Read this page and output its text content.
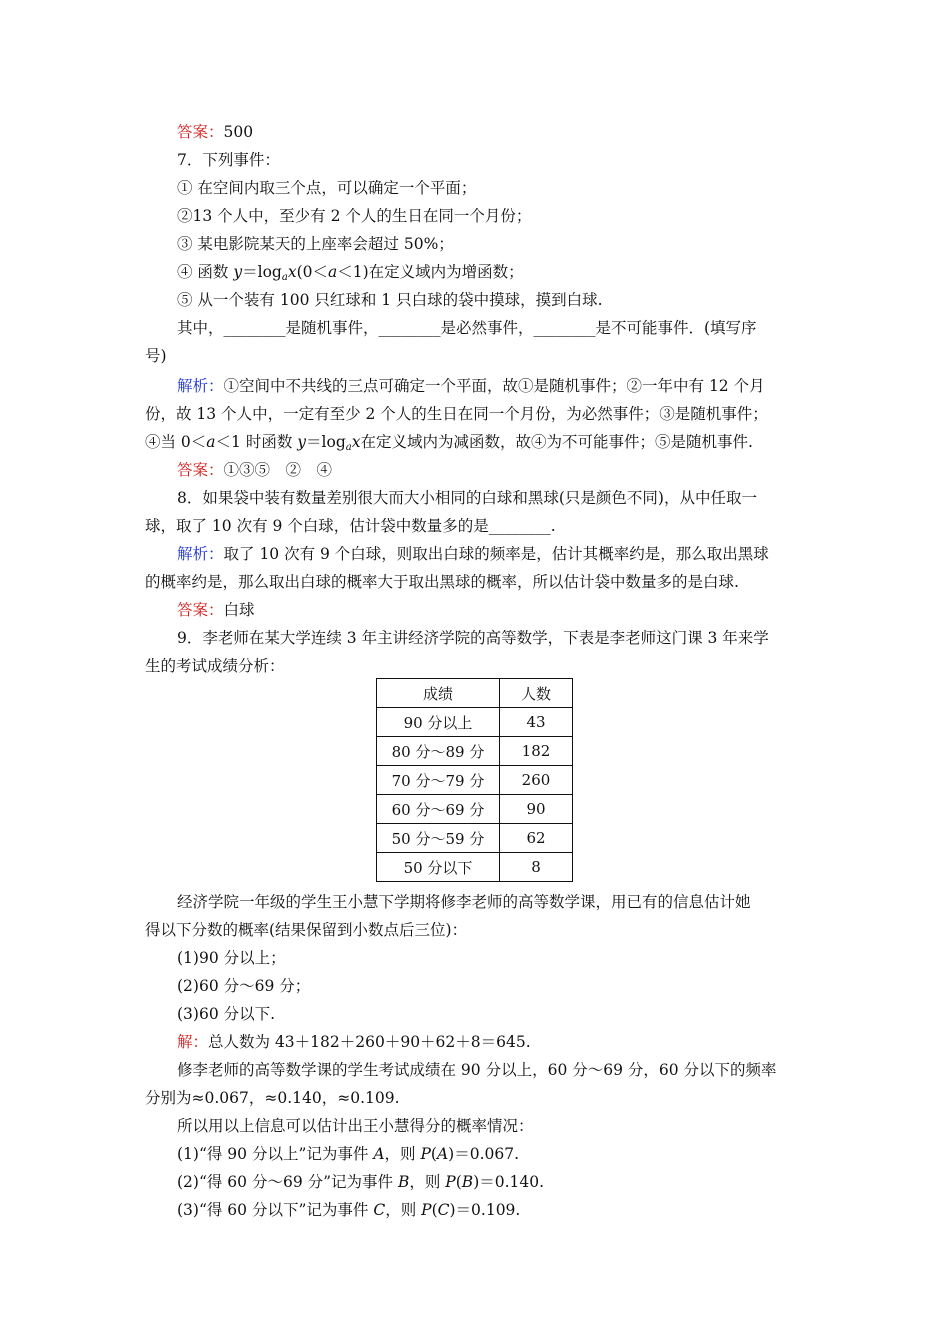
答案：500
7．下列事件：
① 在空间内取三个点，可以确定一个平面；
②13 个人中，至少有 2 个人的生日在同一个月份；
③ 某电影院某天的上座率会超过 50%；
④ 函数 y＝logax(0＜a＜1)在定义域内为增函数；
⑤ 从一个装有 100 只红球和 1 只白球的袋中摸球，摸到白球.
其中，________是随机事件，________是必然事件，________是不可能事件．(填写序
号)
解析：①空间中不共线的三点可确定一个平面，故①是随机事件；②一年中有 12 个月
份，故 13 个人中，一定有至少 2 个人的生日在同一个月份，为必然事件；③是随机事件；
④当 0＜a＜1 时函数 y＝logax在定义域内为减函数，故④为不可能事件；⑤是随机事件.
答案：①③⑤　②　④
8．如果袋中装有数量差别很大而大小相同的白球和黑球(只是颜色不同)，从中任取一
球，取了 10 次有 9 个白球，估计袋中数量多的是________.
解析：取了 10 次有 9 个白球，则取出白球的频率是，估计其概率约是，那么取出黑球
的概率约是，那么取出白球的概率大于取出黑球的概率，所以估计袋中数量多的是白球.
答案：白球
9．李老师在某大学连续 3 年主讲经济学院的高等数学，下表是李老师这门课 3 年来学
生的考试成绩分析：
成绩	人数
90 分以上	43
80 分～89 分	182
70 分～79 分	260
60 分～69 分	90
50 分～59 分	62
50 分以下	8
经济学院一年级的学生王小慧下学期将修李老师的高等数学课，用已有的信息估计她
得以下分数的概率(结果保留到小数点后三位)：
(1)90 分以上；
(2)60 分～69 分；
(3)60 分以下.
解：总人数为 43＋182＋260＋90＋62＋8＝645.
修李老师的高等数学课的学生考试成绩在 90 分以上，60 分～69 分，60 分以下的频率
分别为≈0.067，≈0.140，≈0.109.
所以用以上信息可以估计出王小慧得分的概率情况：
(1)“得 90 分以上”记为事件 A，则 P(A)＝0.067.
(2)“得 60 分～69 分”记为事件 B，则 P(B)＝0.140.
(3)“得 60 分以下”记为事件 C，则 P(C)＝0.109.
